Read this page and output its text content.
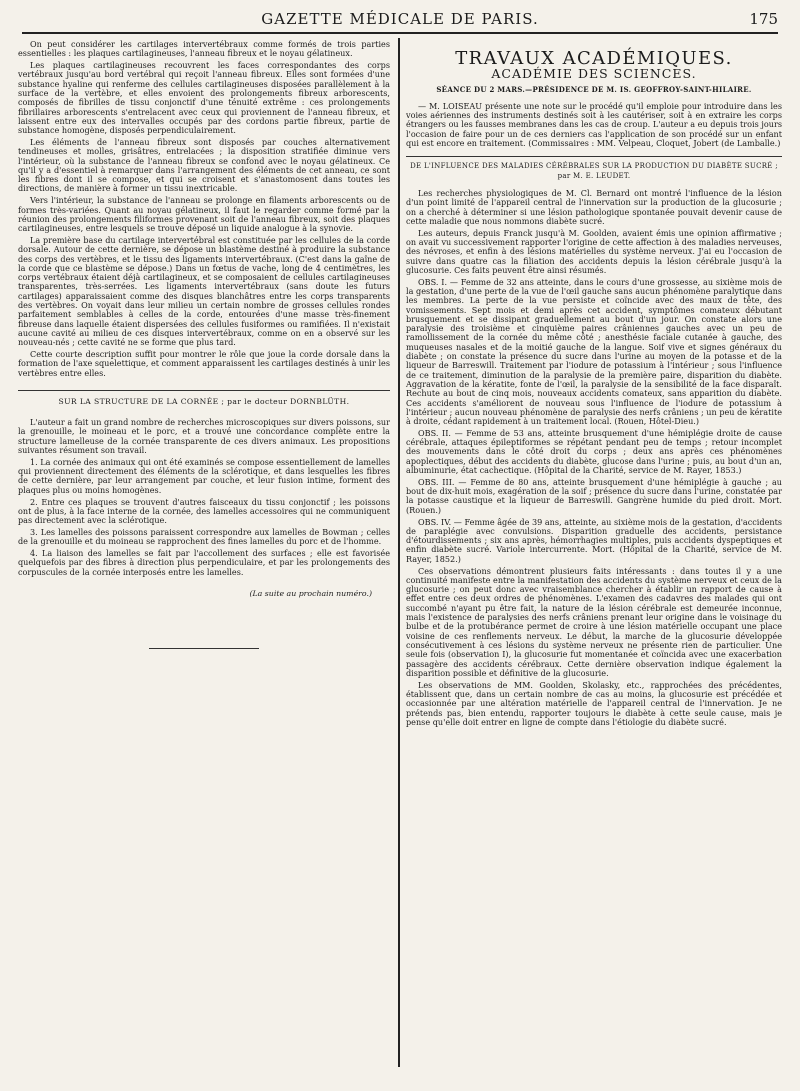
GAZETTE MÉDICALE DE PARIS.	175

On peut considérer les cartilages intervertébraux comme formés de trois parties essentielles : les plaques cartilagineuses, l'anneau fibreux et le noyau gélatineux.

Les plaques cartilagineuses recouvrent les faces correspondantes des corps vertébraux jusqu'au bord vertébral qui reçoit l'anneau fibreux. Elles sont formées d'une substance hyaline qui renferme des cellules cartilagineuses disposées parallèlement à la surface de la vertèbre, et elles envoient des prolongements fibreux arborescents, composés de fibrilles de tissu conjonctif d'une ténuité extrême : ces prolongements fibrillaires arborescents s'entrelacent avec ceux qui proviennent de l'anneau fibreux, et laissent entre eux des intervalles occupés par des cordons partie fibreux, partie de substance homogène, disposés perpendiculairement.

Les éléments de l'anneau fibreux sont disposés par couches alternativement tendineuses et molles, grisâtres, entrelacées ; la disposition stratifiée diminue vers l'intérieur, où la substance de l'anneau fibreux se confond avec le noyau gélatineux. Ce qu'il y a d'essentiel à remarquer dans l'arrangement des éléments de cet anneau, ce sont les fibres dont il se compose, et qui se croisent et s'anastomosent dans toutes les directions, de manière à former un tissu inextricable.

Vers l'intérieur, la substance de l'anneau se prolonge en filaments arborescents ou de formes très-variées. Quant au noyau gélatineux, il faut le regarder comme formé par la réunion des prolongements filiformes provenant soit de l'anneau fibreux, soit des plaques cartilagineuses, entre lesquels se trouve déposé un liquide analogue à la synovie.

La première base du cartilage intervertébral est constituée par les cellules de la corde dorsale. Autour de cette dernière, se dépose un blastème destiné à produire la substance des corps des vertèbres, et le tissu des ligaments intervertébraux. (C'est dans la gaîne de la corde que ce blastème se dépose.) Dans un fœtus de vache, long de 4 centimètres, les corps vertébraux étaient déjà cartilagineux, et se composaient de cellules cartilagineuses transparentes, très-serrées. Les ligaments intervertébraux (sans doute les futurs cartilages) apparaissaient comme des disques blanchâtres entre les corps transparents des vertèbres. On voyait dans leur milieu un certain nombre de grosses cellules rondes parfaitement semblables à celles de la corde, entourées d'une masse très-finement fibreuse dans laquelle étaient dispersées des cellules fusiformes ou ramifiées. Il n'existait aucune cavité au milieu de ces disques intervertébraux, comme on en a observé sur les nouveau-nés ; cette cavité ne se forme que plus tard.

Cette courte description suffit pour montrer le rôle que joue la corde dorsale dans la formation de l'axe squelettique, et comment apparaissent les cartilages destinés à unir les vertèbres entre elles.

SUR LA STRUCTURE DE LA CORNÉE ; par le docteur DORNBLÜTH.

L'auteur a fait un grand nombre de recherches microscopiques sur divers poissons, sur la grenouille, le moineau et le porc, et a trouvé une concordance complète entre la structure lamelleuse de la cornée transparente de ces divers animaux. Les propositions suivantes résument son travail.

1. La cornée des animaux qui ont été examinés se compose essentiellement de lamelles qui proviennent directement des éléments de la sclérotique, et dans lesquelles les fibres de cette dernière, par leur arrangement par couche, et leur fusion intime, forment des plaques plus ou moins homogènes.

2. Entre ces plaques se trouvent d'autres faisceaux du tissu conjonctif ; les poissons ont de plus, à la face interne de la cornée, des lamelles accessoires qui ne communiquent pas directement avec la sclérotique.

3. Les lamelles des poissons paraissent correspondre aux lamelles de Bowman ; celles de la grenouille et du moineau se rapprochent des fines lamelles du porc et de l'homme.

4. La liaison des lamelles se fait par l'accollement des surfaces ; elle est favorisée quelquefois par des fibres à direction plus perpendiculaire, et par les prolongements des corpuscules de la cornée interposés entre les lamelles.

(La suite au prochain numéro.)
TRAVAUX ACADÉMIQUES.
ACADÉMIE DES SCIENCES.
SÉANCE DU 2 MARS.—PRÉSIDENCE DE M. IS. GEOFFROY-SAINT-HILAIRE.

— M. LOISEAU présente une note sur le procédé qu'il emploie pour introduire dans les voies aériennes des instruments destinés soit à les cautériser, soit à en extraire les corps étrangers ou les fausses membranes dans les cas de croup. L'auteur a eu depuis trois jours l'occasion de faire pour un de ces derniers cas l'application de son procédé sur un enfant qui est encore en traitement. (Commissaires : MM. Velpeau, Cloquet, Jobert (de Lamballe.)

DE L'INFLUENCE DES MALADIES CÉRÉBRALES SUR LA PRODUCTION DU DIABÈTE SUCRÉ ; par M. E. LEUDET.

Les recherches physiologiques de M. Cl. Bernard ont montré l'influence de la lésion d'un point limité de l'appareil central de l'innervation sur la production de la glucosurie ; on a cherché à déterminer si une lésion pathologique spontanée pouvait devenir cause de cette maladie que nous nommons diabète sucré.

Les auteurs, depuis Franck jusqu'à M. Goolden, avaient émis une opinion affirmative ; on avait vu successivement rapporter l'origine de cette affection à des maladies nerveuses, des névroses, et enfin à des lésions matérielles du système nerveux. J'ai eu l'occasion de suivre dans quatre cas la filiation des accidents depuis la lésion cérébrale jusqu'à la glucosurie. Ces faits peuvent être ainsi résumés.

OBS. I. — Femme de 32 ans atteinte, dans le cours d'une grossesse, au sixième mois de la gestation, d'une perte de la vue de l'œil gauche sans aucun phénomène paralytique dans les membres. La perte de la vue persiste et coïncide avec des maux de tête, des vomissements. Sept mois et demi après cet accident, symptômes comateux débutant brusquement et se dissipant graduellement au bout d'un jour. On constate alors une paralysie des troisième et cinquième paires crâniennes gauches avec un peu de ramollissement de la cornée du même côté ; anesthésie faciale cutanée à gauche, des muqueuses nasales et de la moitié gauche de la langue. Soif vive et signes généraux du diabète ; on constate la présence du sucre dans l'urine au moyen de la potasse et de la liqueur de Barreswill. Traitement par l'iodure de potassium à l'intérieur ; sous l'influence de ce traitement, diminution de la paralysie de la première paire, disparition du diabète. Aggravation de la kératite, fonte de l'œil, la paralysie de la sensibilité de la face disparaît. Rechute au bout de cinq mois, nouveaux accidents comateux, sans apparition du diabète. Ces accidents s'améliorent de nouveau sous l'influence de l'iodure de potassium à l'intérieur ; aucun nouveau phénomène de paralysie des nerfs crâniens ; un peu de kératite à droite, cédant rapidement à un traitement local. (Rouen, Hôtel-Dieu.)

OBS. II. — Femme de 53 ans, atteinte brusquement d'une hémiplégie droite de cause cérébrale, attaques épileptiformes se répétant pendant peu de temps ; retour incomplet des mouvements dans le côté droit du corps ; deux ans après ces phénomènes apoplectiques, début des accidents du diabète, glucose dans l'urine ; puis, au bout d'un an, albuminurie, état cachectique. (Hôpital de la Charité, service de M. Rayer, 1853.)

OBS. III. — Femme de 80 ans, atteinte brusquement d'une hémiplégie à gauche ; au bout de dix-huit mois, exagération de la soif ; présence du sucre dans l'urine, constatée par la potasse caustique et la liqueur de Barreswill. Gangrène humide du pied droit. Mort. (Rouen.)

OBS. IV. — Femme âgée de 39 ans, atteinte, au sixième mois de la gestation, d'accidents de paraplégie avec convulsions. Disparition graduelle des accidents, persistance d'étourdissements ; six ans après, hémorrhagies multiples, puis accidents dyspeptiques et enfin diabète sucré. Variole intercurrente. Mort. (Hôpital de la Charité, service de M. Rayer, 1852.)

Ces observations démontrent plusieurs faits intéressants : dans toutes il y a une continuité manifeste entre la manifestation des accidents du système nerveux et ceux de la glucosurie ; on peut donc avec vraisemblance chercher à établir un rapport de cause à effet entre ces deux ordres de phénomènes. L'examen des cadavres des malades qui ont succombé n'ayant pu être fait, la nature de la lésion cérébrale est demeurée inconnue, mais l'existence de paralysies des nerfs crâniens prenant leur origine dans le voisinage du bulbe et de la protubérance permet de croire à une lésion matérielle occupant une place voisine de ces renflements nerveux. Le début, la marche de la glucosurie développée consécutivement à ces lésions du système nerveux ne présente rien de particulier. Une seule fois (observation I), la glucosurie fut momentanée et coïncida avec une exacerbation passagère des accidents cérébraux. Cette dernière observation indique également la disparition possible et définitive de la glucosurie.

Les observations de MM. Goolden, Skolasky, etc., rapprochées des précédentes, établissent que, dans un certain nombre de cas au moins, la glucosurie est précédée et occasionnée par une altération matérielle de l'appareil central de l'innervation. Je ne prétends pas, bien entendu, rapporter toujours le diabète à cette seule cause, mais je pense qu'elle doit entrer en ligne de compte dans l'étiologie du diabète sucré.
